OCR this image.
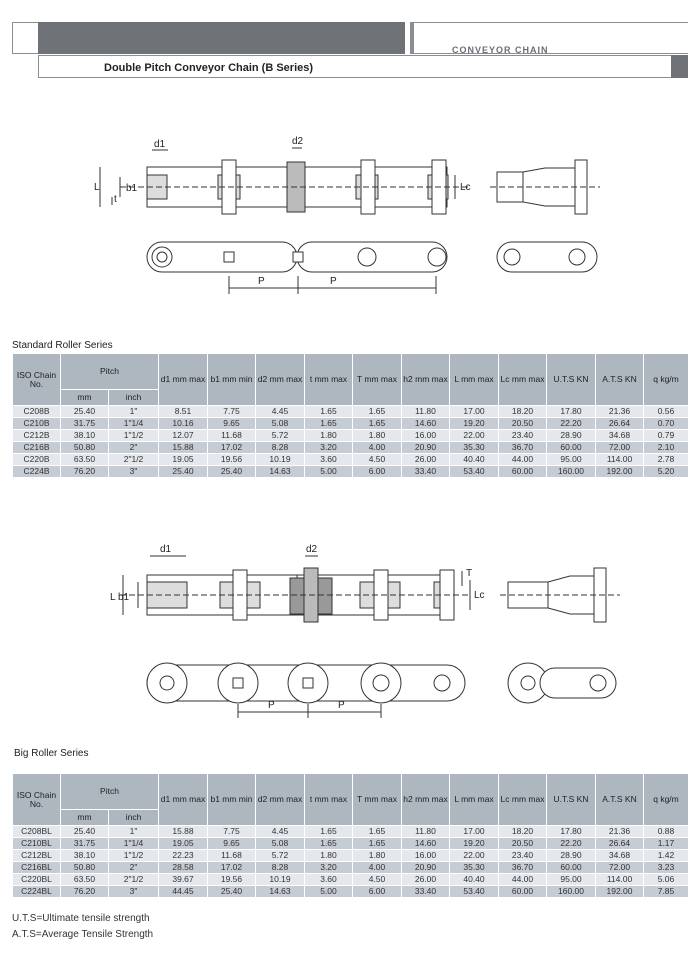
CONVEYOR CHAIN
Double Pitch Conveyor Chain (B Series)
d1	d2
L	b1
t
Lc
P	P
Standard Roller Series
ISO Chain No.	Pitch		d1 mm max	b1 mm min	d2 mm max	t mm max	T mm max	h2 mm max	L mm max	Lc mm max	U.T.S KN	A.T.S KN	q kg/m
	mm	inch											
C208B	25.40	1"	8.51	7.75	4.45	1.65	1.65	11.80	17.00	18.20	17.80	21.36	0.56
C210B	31.75	1"1/4	10.16	9.65	5.08	1.65	1.65	14.60	19.20	20.50	22.20	26.64	0.70
C212B	38.10	1"1/2	12.07	11.68	5.72	1.80	1.80	16.00	22.00	23.40	28.90	34.68	0.79
C216B	50.80	2"	15.88	17.02	8.28	3.20	4.00	20.90	35.30	36.70	60.00	72.00	2.10
C220B	63.50	2"1/2	19.05	19.56	10.19	3.60	4.50	26.00	40.40	44.00	95.00	114.00	2.78
C224B	76.20	3"	25.40	25.40	14.63	5.00	6.00	33.40	53.40	60.00	160.00	192.00	5.20
d1	d2
L b1
T
Lc
P	P
Big Roller Series
ISO Chain No.	Pitch		d1 mm max	b1 mm min	d2 mm max	t mm max	T mm max	h2 mm max	L mm max	Lc mm max	U.T.S KN	A.T.S KN	q kg/m
	mm	inch											
C208BL	25.40	1"	15.88	7.75	4.45	1.65	1.65	11.80	17.00	18.20	17.80	21.36	0.88
C210BL	31.75	1"1/4	19.05	9.65	5.08	1.65	1.65	14.60	19.20	20.50	22.20	26.64	1.17
C212BL	38.10	1"1/2	22.23	11.68	5.72	1.80	1.80	16.00	22.00	23.40	28.90	34.68	1.42
C216BL	50.80	2"	28.58	17.02	8.28	3.20	4.00	20.90	35.30	36.70	60.00	72.00	3.23
C220BL	63.50	2"1/2	39.67	19.56	10.19	3.60	4.50	26.00	40.40	44.00	95.00	114.00	5.06
C224BL	76.20	3"	44.45	25.40	14.63	5.00	6.00	33.40	53.40	60.00	160.00	192.00	7.85
U.T.S=Ultimate tensile strength
A.T.S=Average Tensile Strength
